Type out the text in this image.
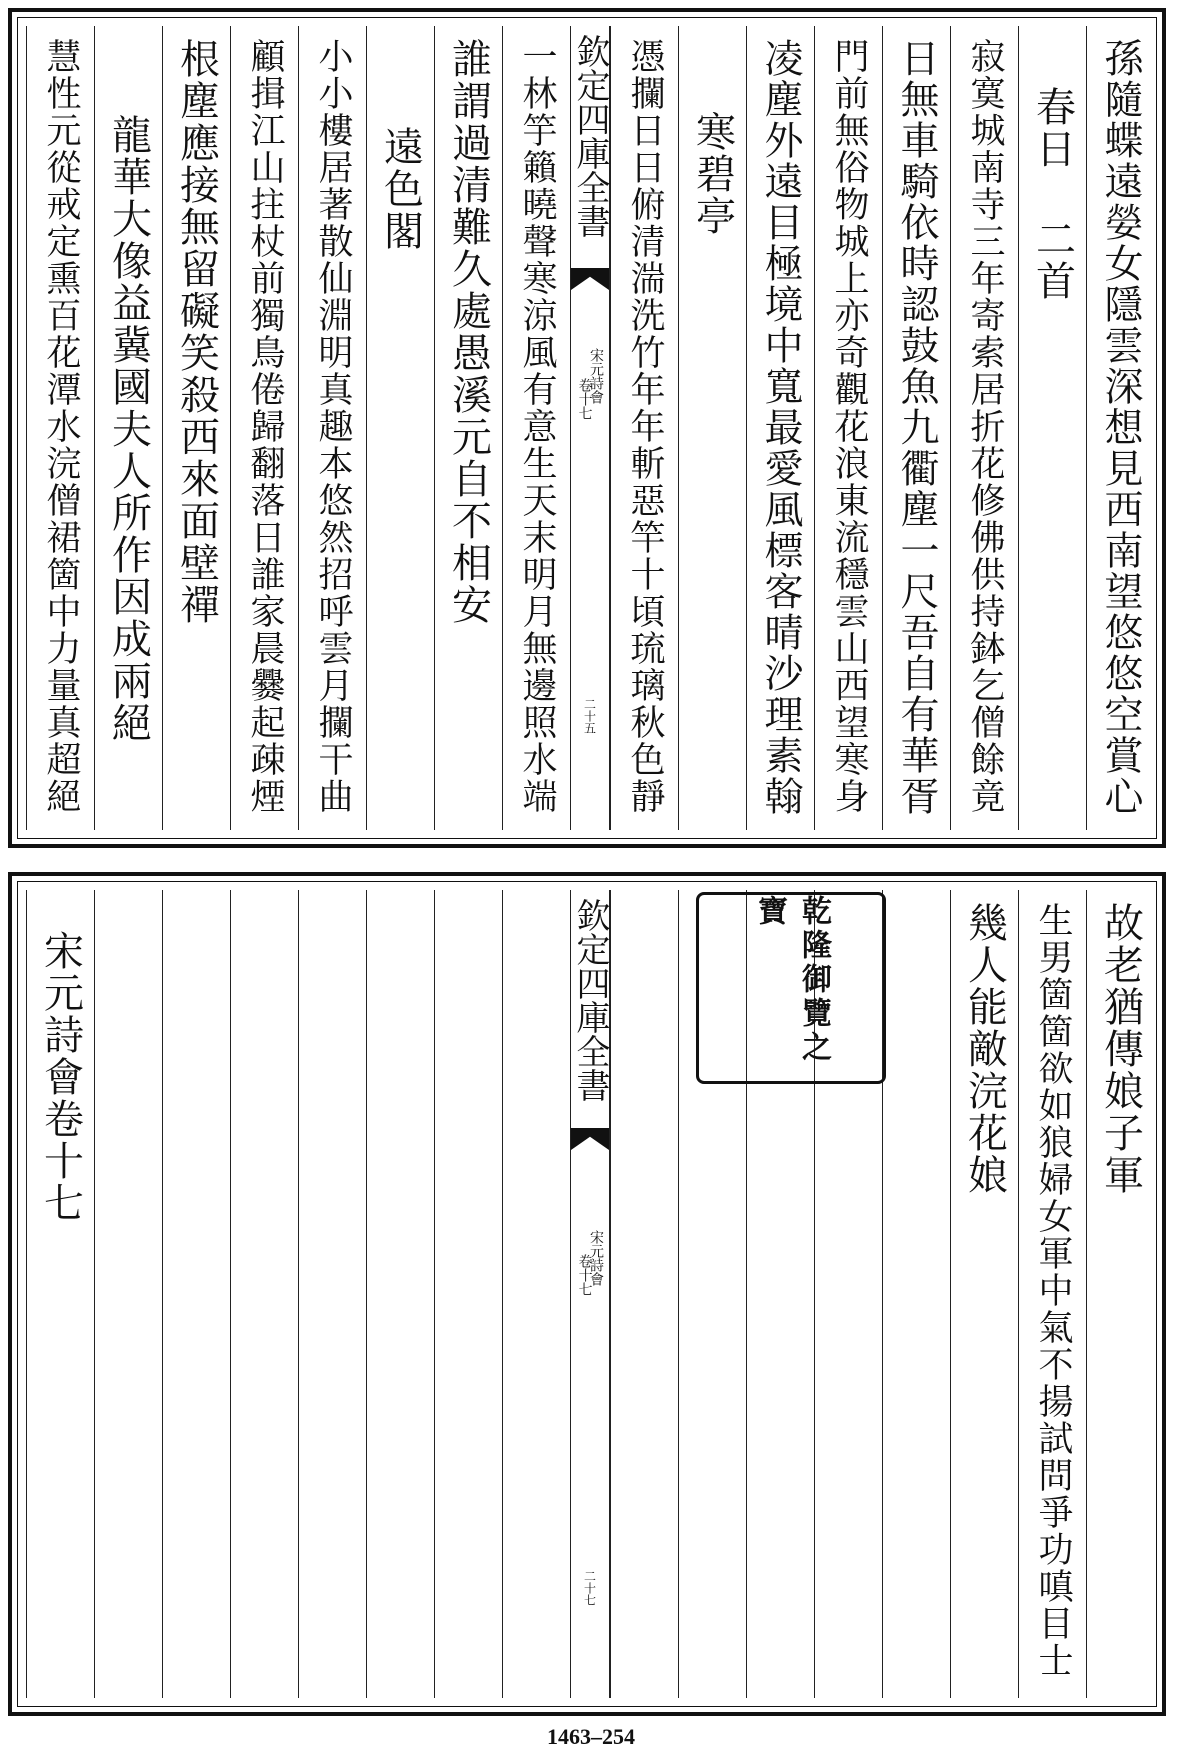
孫隨蝶遠嫈女隱雲深想見西南望悠悠空賞心
春日 二首
寂寞城南寺三年寄索居折花修佛供持鉢乞僧餘竟
日無車騎依時認鼓魚九衢塵一尺吾自有華胥
門前無俗物城上亦奇觀花浪東流穩雲山西望寒身
凌塵外遠目極境中寬最愛風標客晴沙理素翰
寒碧亭
憑攔日日俯清湍洗竹年年斬惡竿十頃琉璃秋色靜
欽定四庫全書
宋元詩會
卷十七
二十五
一林竽籟曉聲寒涼風有意生天末明月無邊照水端
誰謂過清難久處愚溪元自不相安
遠色閣
小小樓居著散仙淵明真趣本悠然招呼雲月攔干曲
顧揖江山拄杖前獨鳥倦歸翻落日誰家晨爨起疎煙
根塵應接無留礙笑殺西來面壁禪
龍華大像益冀國夫人所作因成兩絕
慧性元從戒定熏百花潭水浣僧裙箇中力量真超絕
故老猶傳娘子軍
生男箇箇欲如狼婦女軍中氣不揚試問爭功嗔目士
幾人能敵浣花娘
乾隆御覽之寶
欽定四庫全書
宋元詩會
卷十七
二十七
宋元詩會卷十七
1463–254
